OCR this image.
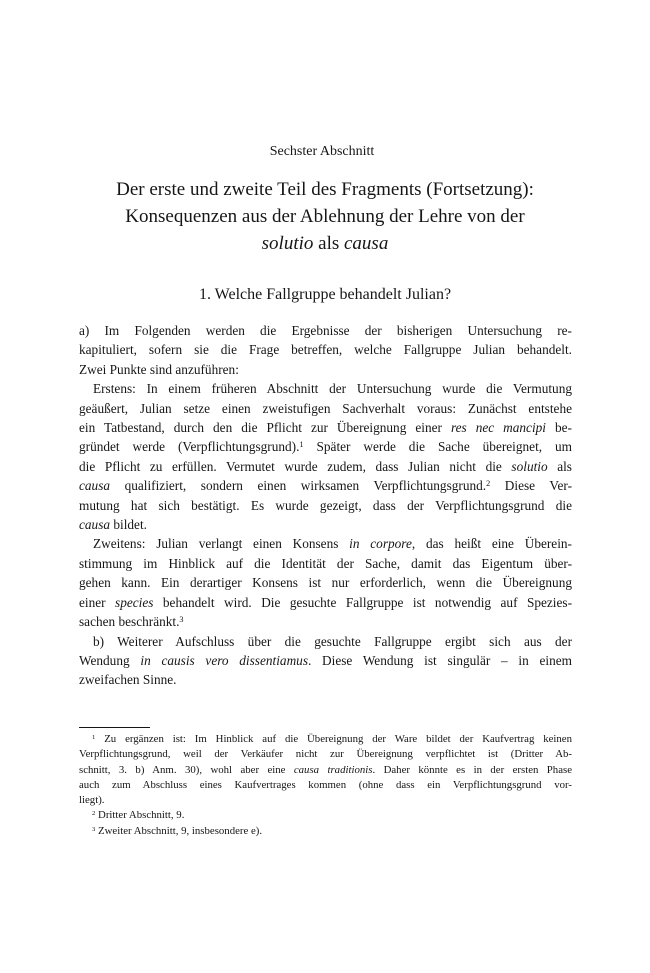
Sechster Abschnitt
Der erste und zweite Teil des Fragments (Fortsetzung):
Konsequenzen aus der Ablehnung der Lehre von der
solutio als causa
1. Welche Fallgruppe behandelt Julian?
a) Im Folgenden werden die Ergebnisse der bisherigen Untersuchung re-
kapituliert, sofern sie die Frage betreffen, welche Fallgruppe Julian behandelt.
Zwei Punkte sind anzuführen:
Erstens: In einem früheren Abschnitt der Untersuchung wurde die Vermutung
geäußert, Julian setze einen zweistufigen Sachverhalt voraus: Zunächst entstehe
ein Tatbestand, durch den die Pflicht zur Übereignung einer res nec mancipi be-
gründet werde (Verpflichtungsgrund).$^1$ Später werde die Sache übereignet, um
die Pflicht zu erfüllen. Vermutet wurde zudem, dass Julian nicht die solutio als
causa qualifiziert, sondern einen wirksamen Verpflichtungsgrund.$^2$ Diese Ver-
mutung hat sich bestätigt. Es wurde gezeigt, dass der Verpflichtungsgrund die
causa bildet.
Zweitens: Julian verlangt einen Konsens in corpore, das heißt eine Überein-
stimmung im Hinblick auf die Identität der Sache, damit das Eigentum über-
gehen kann. Ein derartiger Konsens ist nur erforderlich, wenn die Übereignung
einer species behandelt wird. Die gesuchte Fallgruppe ist notwendig auf Spezies-
sachen beschränkt.$^3$
b) Weiterer Aufschluss über die gesuchte Fallgruppe ergibt sich aus der
Wendung in causis vero dissentiamus. Diese Wendung ist singulär – in einem
zweifachen Sinne.
$^1$ Zu ergänzen ist: Im Hinblick auf die Übereignung der Ware bildet der Kaufvertrag keinen
Verpflichtungsgrund, weil der Verkäufer nicht zur Übereignung verpflichtet ist (Dritter Ab-
schnitt, 3. b) Anm. 30), wohl aber eine causa traditionis. Daher könnte es in der ersten Phase
auch zum Abschluss eines Kaufvertrages kommen (ohne dass ein Verpflichtungsgrund vor-
liegt).
$^2$ Dritter Abschnitt, 9.
$^3$ Zweiter Abschnitt, 9, insbesondere e).
